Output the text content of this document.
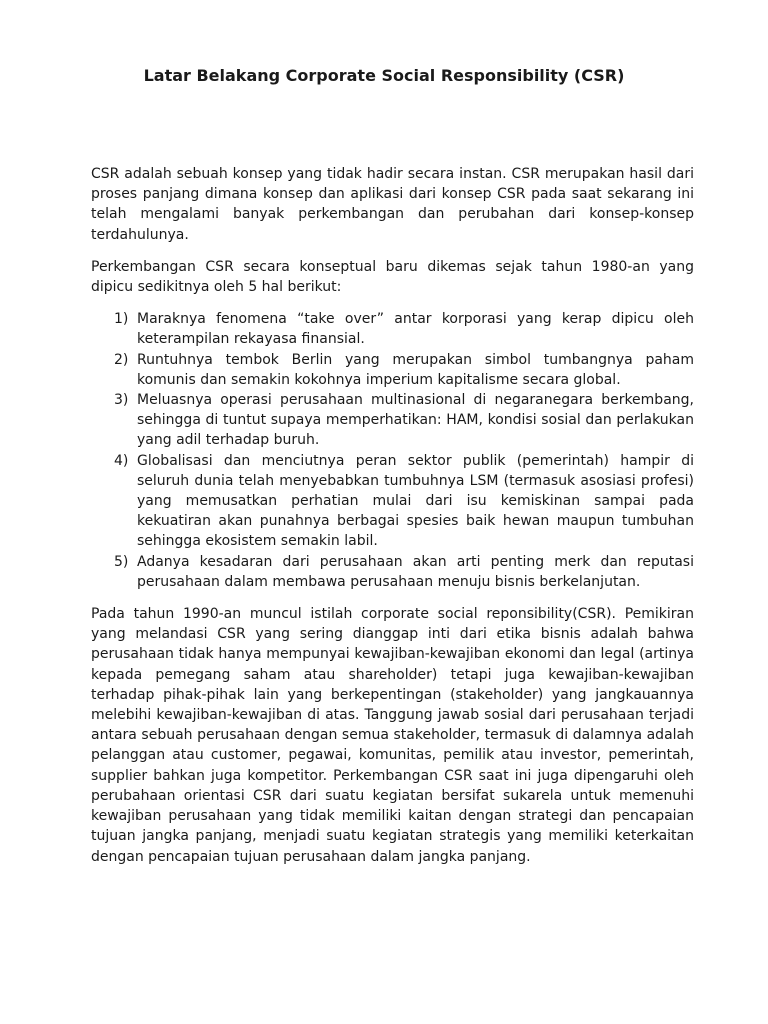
Latar Belakang Corporate Social Responsibility (CSR)

CSR adalah sebuah konsep yang tidak hadir secara instan. CSR merupakan hasil dari proses panjang dimana konsep dan aplikasi dari konsep CSR pada saat sekarang ini telah mengalami banyak perkembangan dan perubahan dari konsep-konsep terdahulunya.

Perkembangan CSR secara konseptual baru dikemas sejak tahun 1980-an yang dipicu sedikitnya oleh 5 hal berikut:

1) Maraknya fenomena “take over” antar korporasi yang kerap dipicu oleh keterampilan rekayasa finansial.
2) Runtuhnya tembok Berlin yang merupakan simbol tumbangnya paham komunis dan semakin kokohnya imperium kapitalisme secara global.
3) Meluasnya operasi perusahaan multinasional di negaranegara berkembang, sehingga di tuntut supaya memperhatikan: HAM, kondisi sosial dan perlakukan yang adil terhadap buruh.
4) Globalisasi dan menciutnya peran sektor publik (pemerintah) hampir di seluruh dunia telah menyebabkan tumbuhnya LSM (termasuk asosiasi profesi) yang memusatkan perhatian mulai dari isu kemiskinan sampai pada kekuatiran akan punahnya berbagai spesies baik hewan maupun tumbuhan sehingga ekosistem semakin labil.
5) Adanya kesadaran dari perusahaan akan arti penting merk dan reputasi perusahaan dalam membawa perusahaan menuju bisnis berkelanjutan.

Pada tahun 1990-an muncul istilah corporate social reponsibility(CSR). Pemikiran yang melandasi CSR yang sering dianggap inti dari etika bisnis adalah bahwa perusahaan tidak hanya mempunyai kewajiban-kewajiban ekonomi dan legal (artinya kepada pemegang saham atau shareholder) tetapi juga kewajiban-kewajiban terhadap pihak-pihak lain yang berkepentingan (stakeholder) yang jangkauannya melebihi kewajiban-kewajiban di atas. Tanggung jawab sosial dari perusahaan terjadi antara sebuah perusahaan dengan semua stakeholder, termasuk di dalamnya adalah pelanggan atau customer, pegawai, komunitas, pemilik atau investor, pemerintah, supplier bahkan juga kompetitor. Perkembangan CSR saat ini juga dipengaruhi oleh perubahaan orientasi CSR dari suatu kegiatan bersifat sukarela untuk memenuhi kewajiban perusahaan yang tidak memiliki kaitan dengan strategi dan pencapaian tujuan jangka panjang, menjadi suatu kegiatan strategis yang memiliki keterkaitan dengan pencapaian tujuan perusahaan dalam jangka panjang.
